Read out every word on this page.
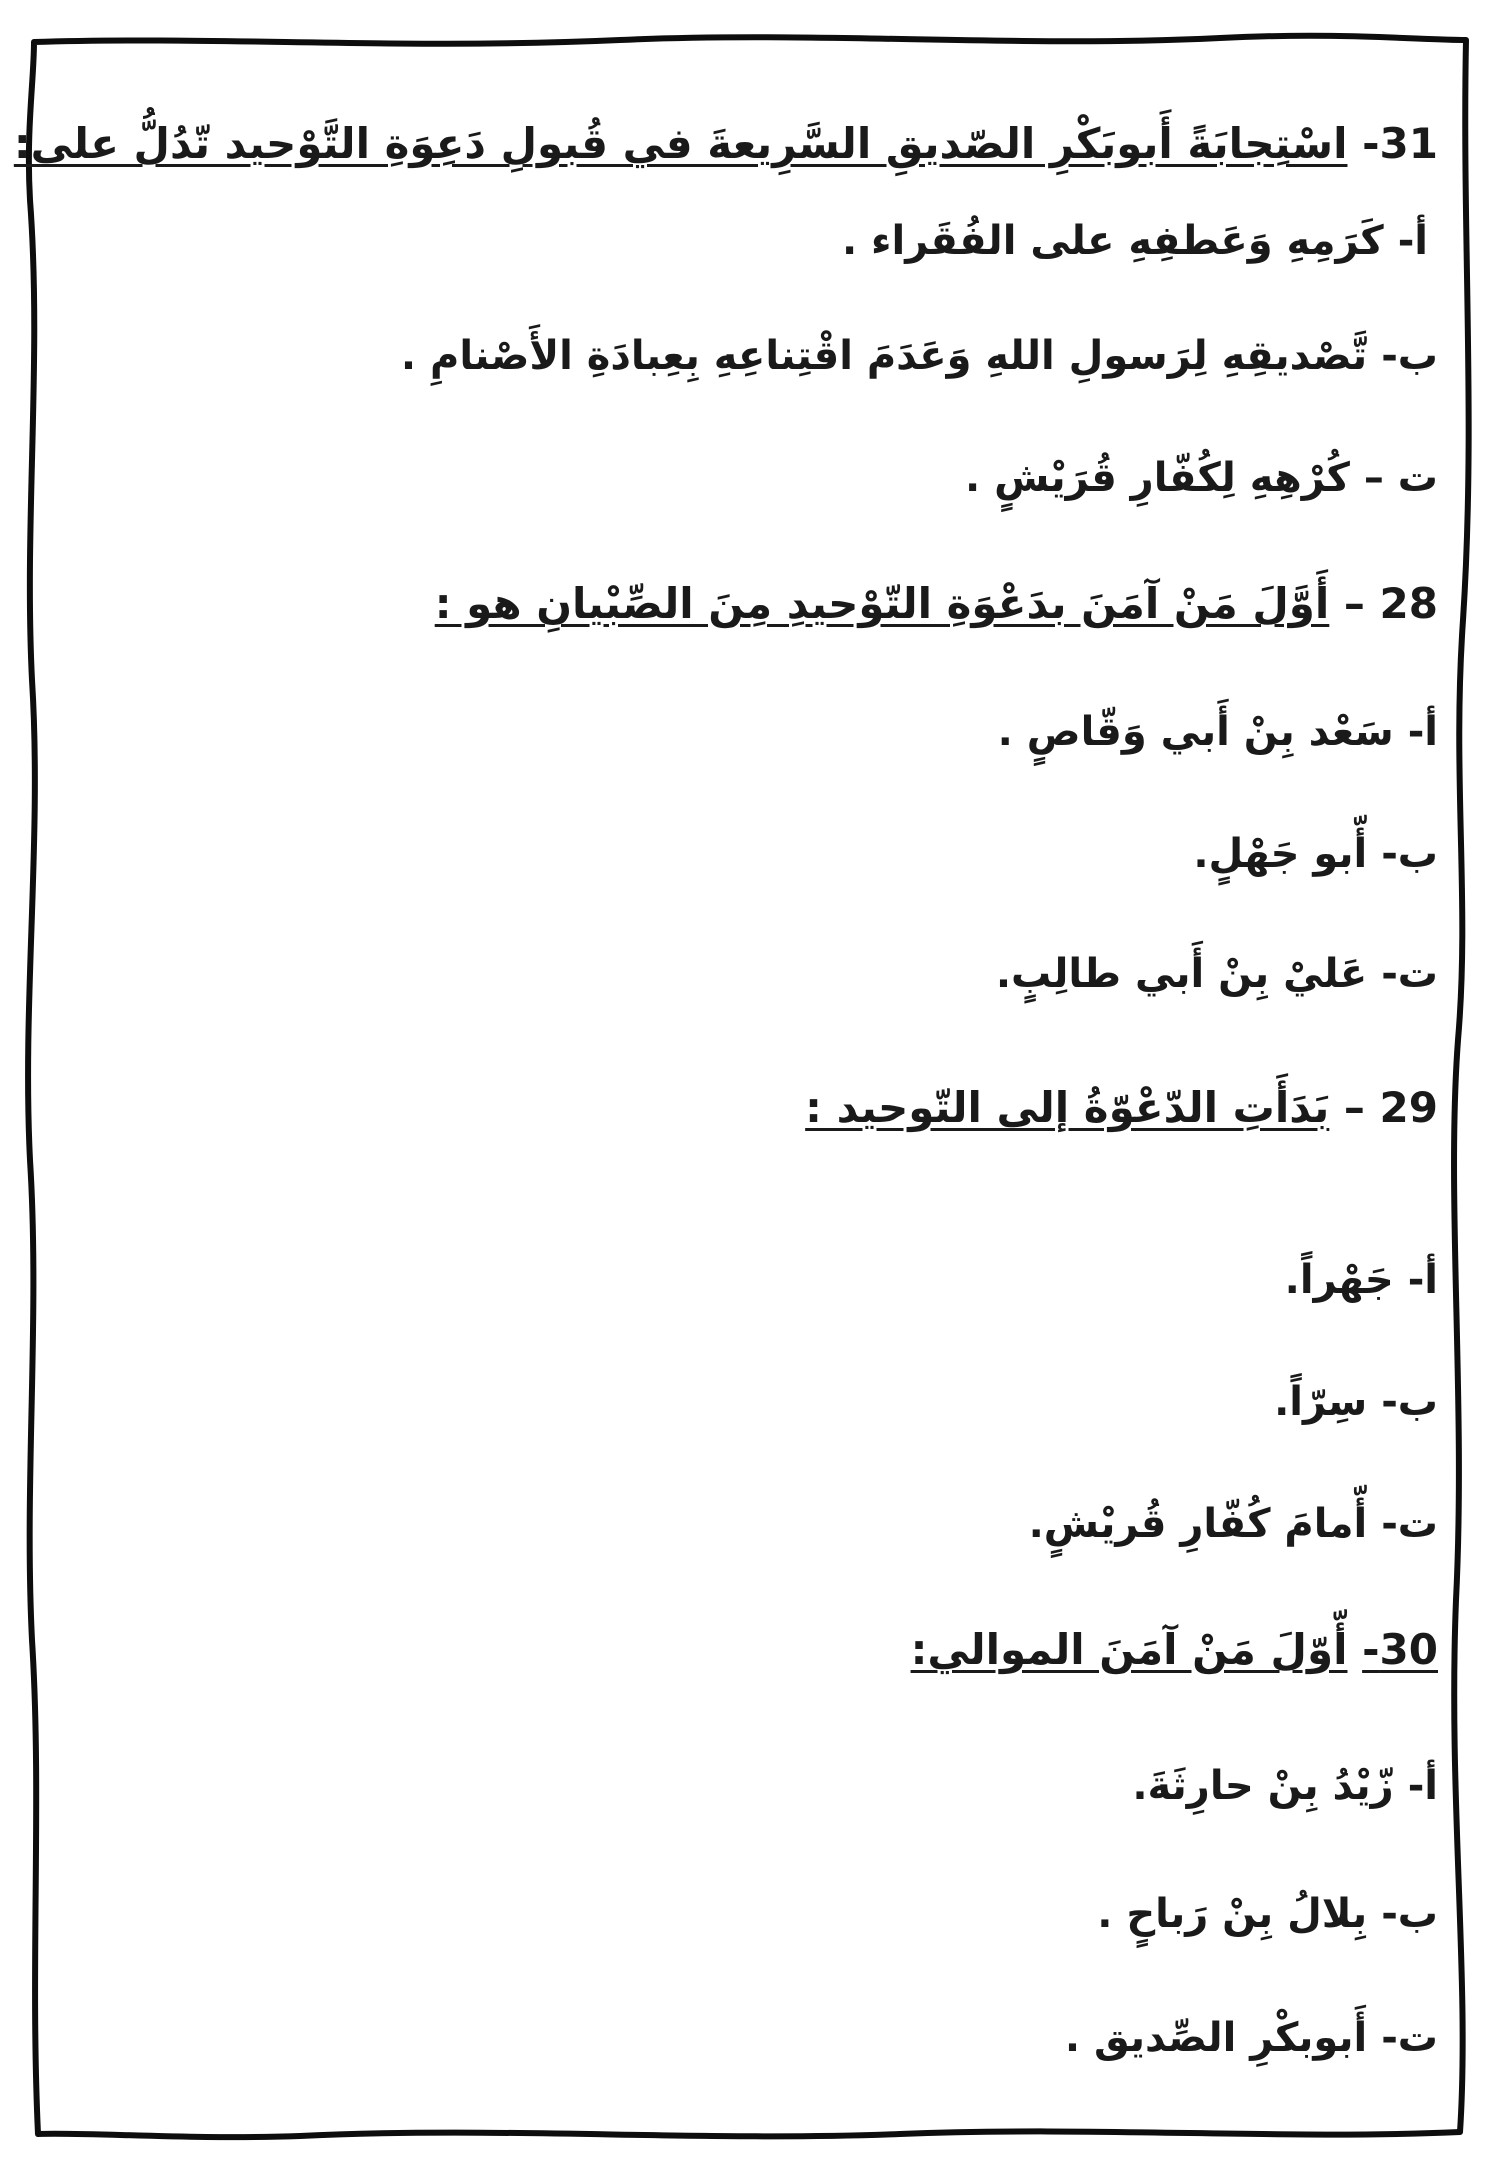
31- اسْتِجابَةً أَبوبَكْرِ الصّديقِ السَّرِيعةَ في قُبولِ دَعِوَةِ التَّوْحيد تّدُلُّ على:
أ-كَرَمِهِ وَعَطفِهِ على الفُقَراء .
ب-تَّصْديقِهِ لِرَسولِ اللهِ وَعَدَمَ اقْتِناعِهِ بِعِبادَةِ الأَصْنامِ .
ت –كُرْهِهِ لِكُفّارِ قُرَيْشٍ .
28 – أَوَّلَ مَنْ آمَنَ بدَعْوَةِ التّوْحيدِ مِنَ الصِّبْيانِ هو :
أ-سَعْد بِنْ أَبي وَقّاصٍ .
ب-أّبو جَهْلٍ.
ت-عَليْ بِنْ أَبي طالِبٍ.
29 – بَدَأَتِ الدّعْوّةُ إلى التّوحيد :
أ-جَهْراً.
ب-سِرّاً.
ت-أّمامَ كُفّارِ قُريْشٍ.
30- أّوّلَ مَنْ آمَنَ الموالي:
أ-زّيْدُ بِنْ حارِثَةَ.
ب-بِلالُ بِنْ رَباحٍ .
ت-أَبوبكْرِ الصِّديق .
